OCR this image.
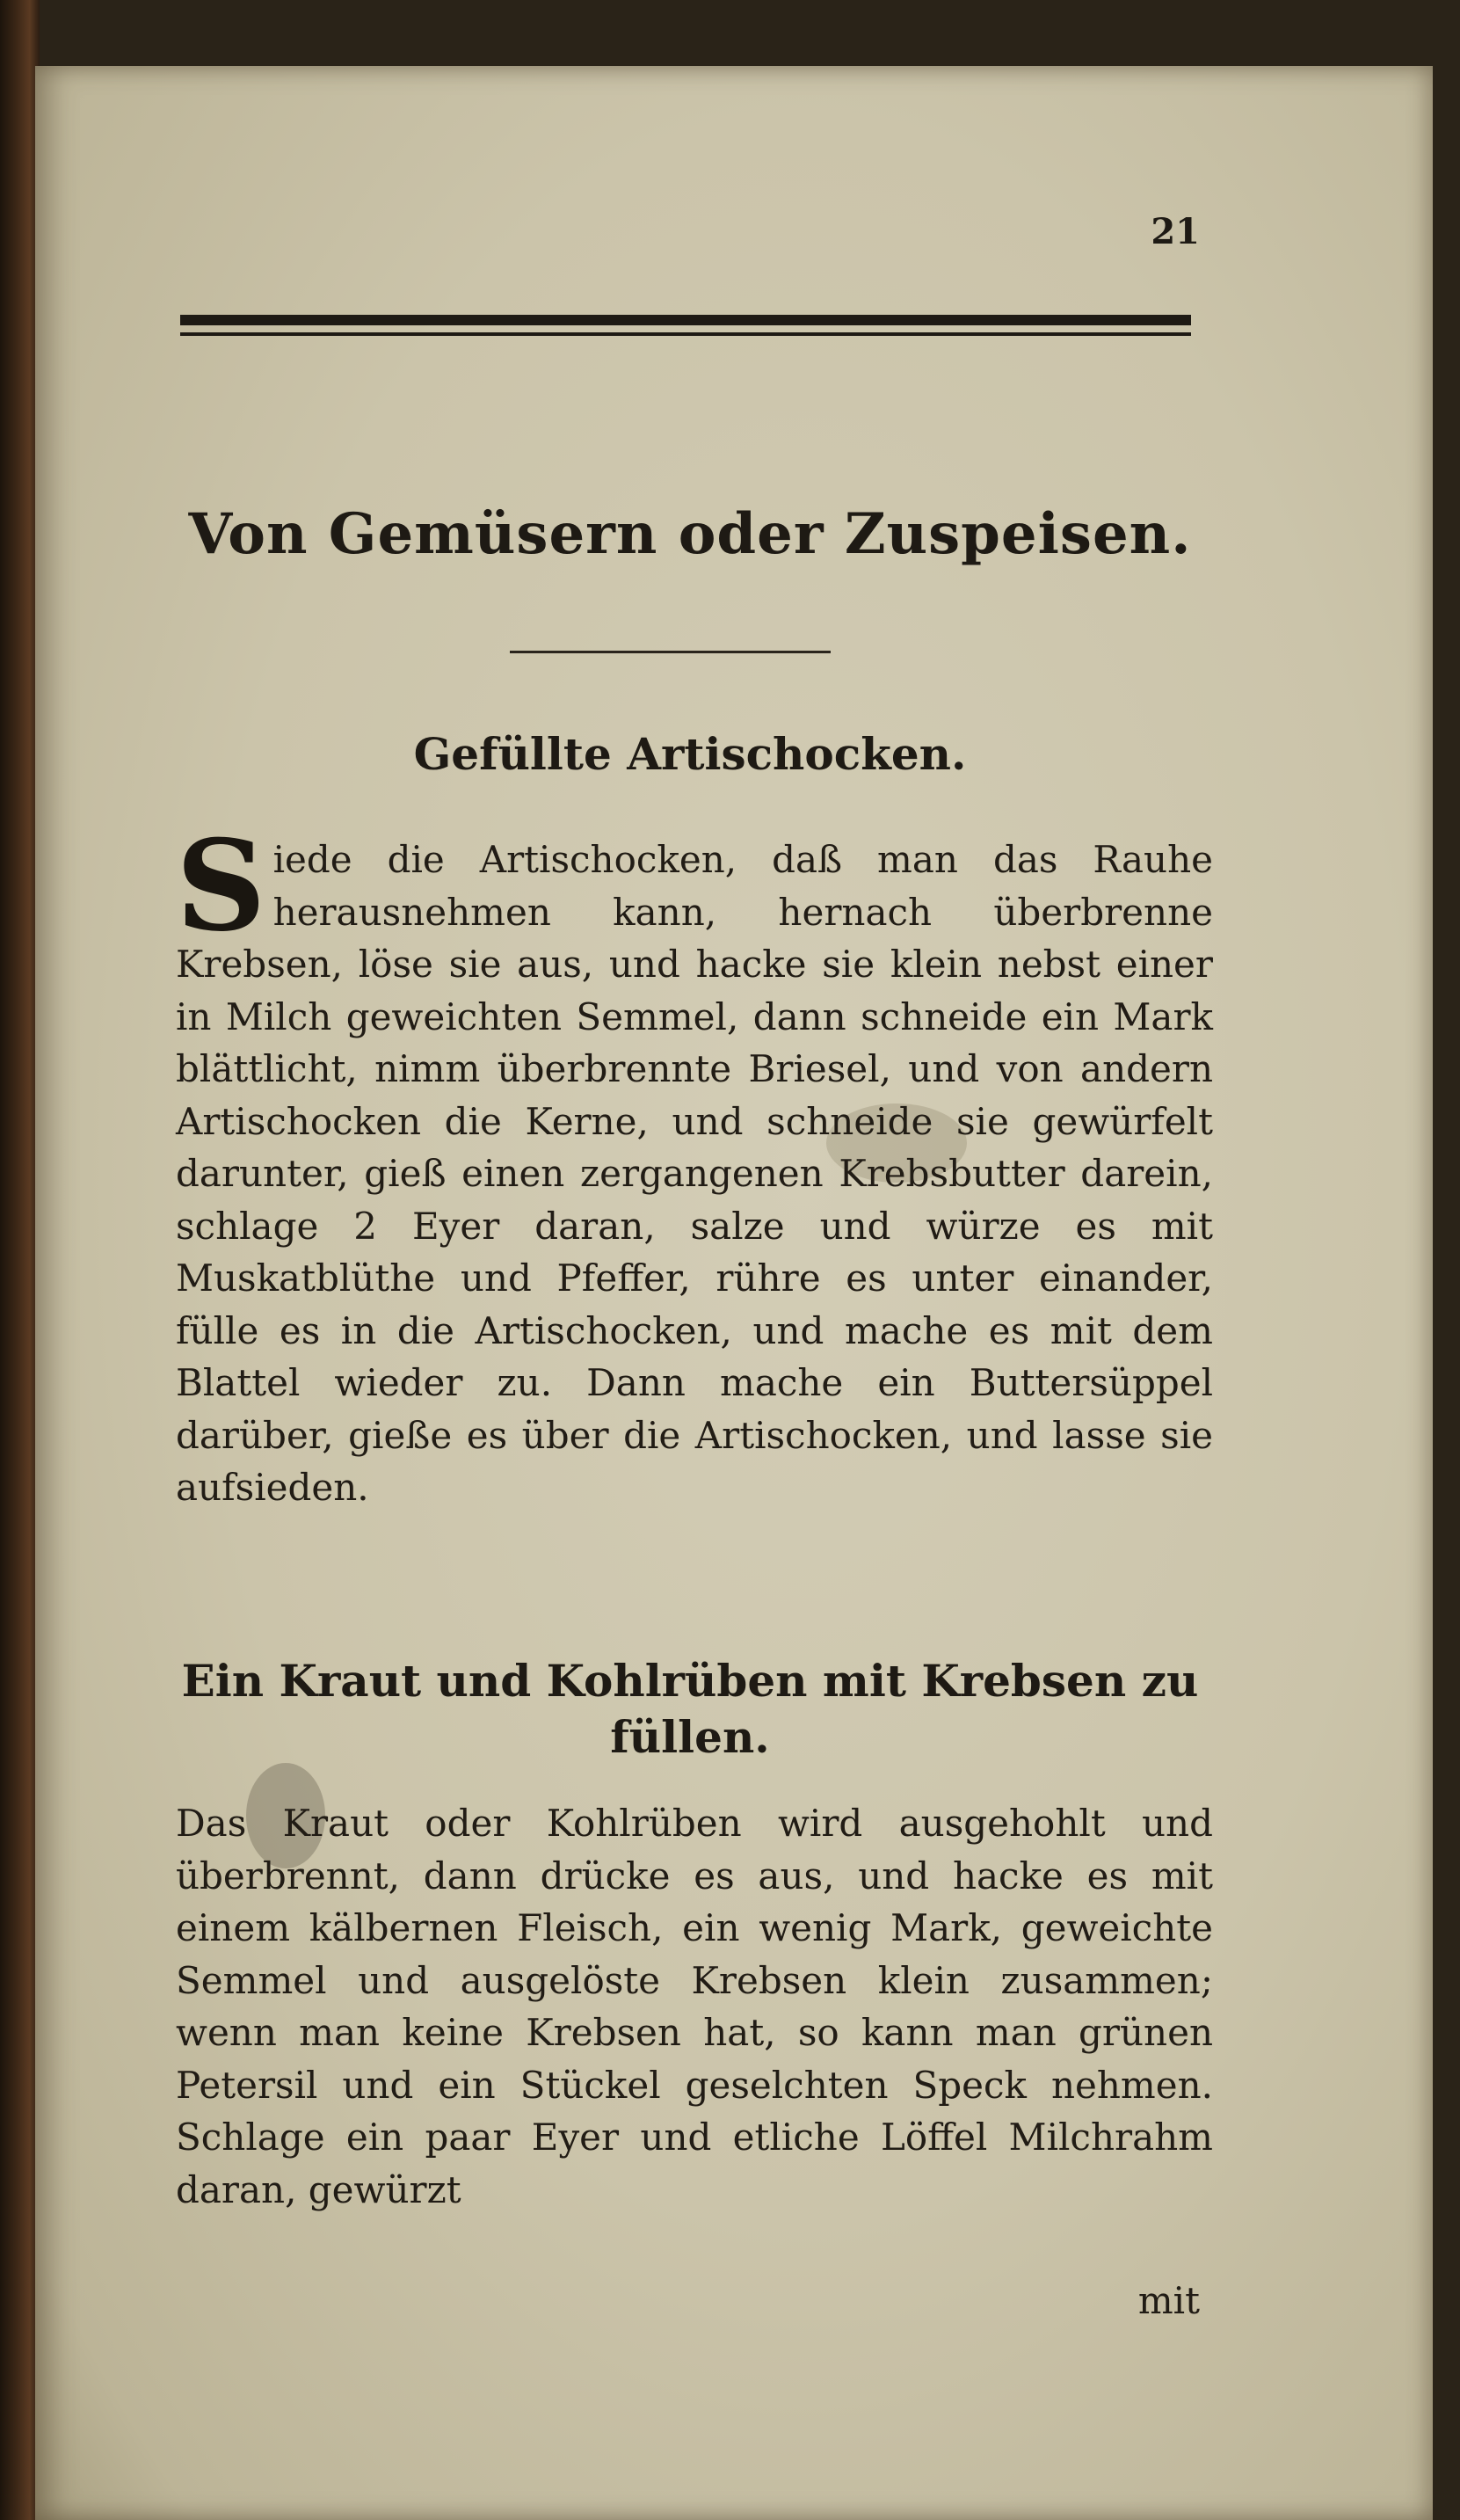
21
Von Gemüsern oder Zuspeisen.
Gefüllte Artischocken.
Siede die Artischocken, daß man das Rauhe herausnehmen kann, hernach überbrenne Krebsen, löse sie aus, und hacke sie klein nebst einer in Milch geweichten Semmel, dann schneide ein Mark blättlicht, nimm überbrennte Briesel, und von andern Artischocken die Kerne, und schneide sie gewürfelt darunter, gieß einen zergangenen Krebsbutter darein, schlage 2 Eyer daran, salze und würze es mit Muskatblüthe und Pfeffer, rühre es unter einander, fülle es in die Artischocken, und mache es mit dem Blattel wieder zu. Dann mache ein Buttersüppel darüber, gieße es über die Artischocken, und lasse sie aufsieden.
Ein Kraut und Kohlrüben mit Krebsen zu füllen.
Das Kraut oder Kohlrüben wird ausgehohlt und überbrennt, dann drücke es aus, und hacke es mit einem kälbernen Fleisch, ein wenig Mark, geweichte Semmel und ausgelöste Krebsen klein zusammen; wenn man keine Krebsen hat, so kann man grünen Petersil und ein Stückel geselchten Speck nehmen. Schlage ein paar Eyer und etliche Löffel Milchrahm daran, gewürzt
mit
